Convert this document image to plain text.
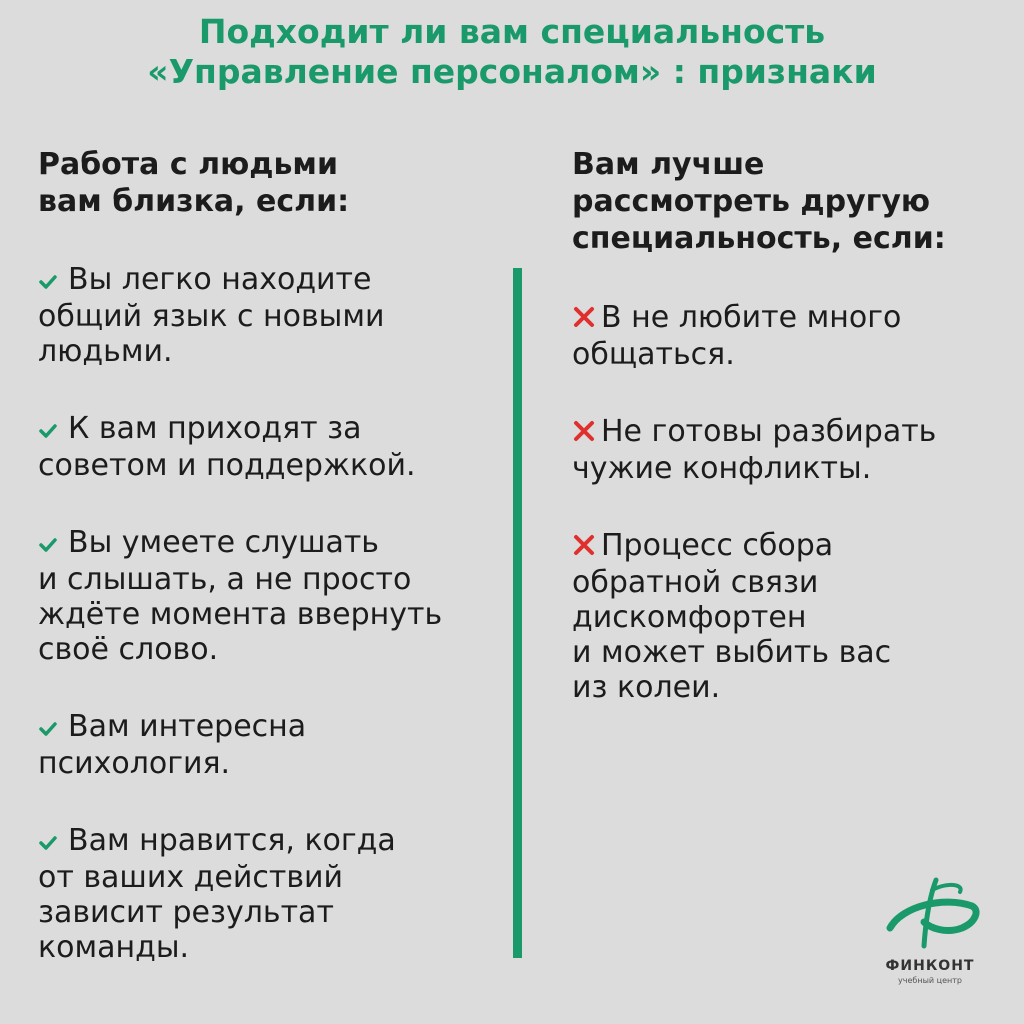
Подходит ли вам специальность
«Управление персоналом» : признаки
Работа с людьми
вам близка, если:
Вам лучше
рассмотреть другую
специальность, если:
Вы легко находите
общий язык с новыми
людьми.
К вам приходят за
советом и поддержкой.
Вы умеете слушать
и слышать, а не просто
ждёте момента ввернуть
своё слово.
Вам интересна
психология.
Вам нравится, когда
от ваших действий
зависит результат
команды.
В не любите много
общаться.
Не готовы разбирать
чужие конфликты.
Процесс сбора
обратной связи
дискомфортен
и может выбить вас
из колеи.
ФИНКОНТ
учебный центр
